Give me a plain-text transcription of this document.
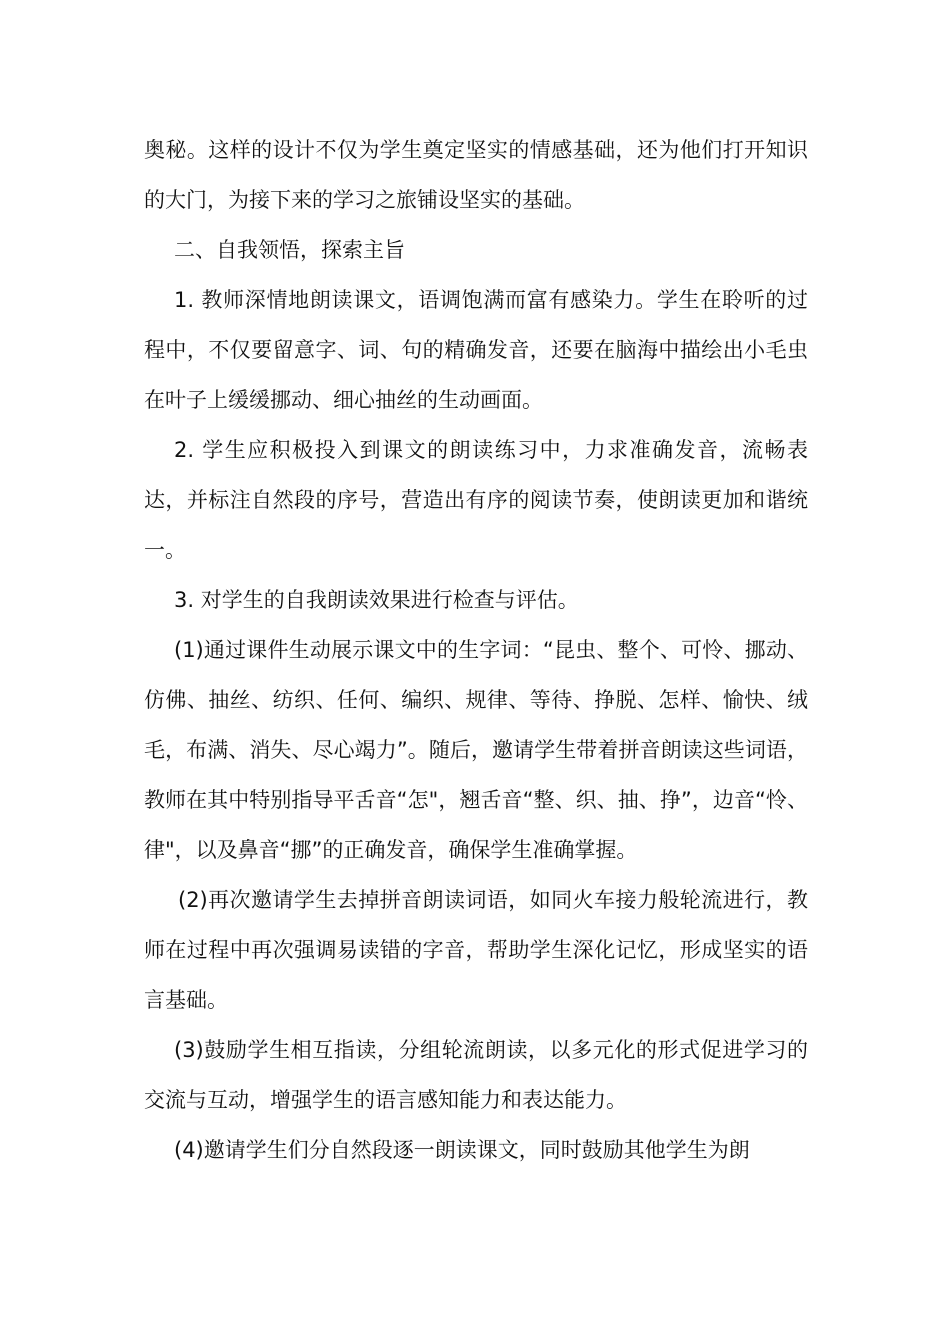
奥秘。这样的设计不仅为学生奠定坚实的情感基础，还为他们打开知识的大门，为接下来的学习之旅铺设坚实的基础。

二、自我领悟，探索主旨

1. 教师深情地朗读课文，语调饱满而富有感染力。学生在聆听的过程中，不仅要留意字、词、句的精确发音，还要在脑海中描绘出小毛虫在叶子上缓缓挪动、细心抽丝的生动画面。

2. 学生应积极投入到课文的朗读练习中，力求准确发音，流畅表达，并标注自然段的序号，营造出有序的阅读节奏，使朗读更加和谐统一。

3. 对学生的自我朗读效果进行检查与评估。

(1)通过课件生动展示课文中的生字词：“昆虫、整个、可怜、挪动、仿佛、抽丝、纺织、任何、编织、规律、等待、挣脱、怎样、愉快、绒毛，布满、消失、尽心竭力”。随后，邀请学生带着拼音朗读这些词语，教师在其中特别指导平舌音“怎"，翘舌音“整、织、抽、挣”，边音“怜、律"，以及鼻音“挪”的正确发音，确保学生准确掌握。

(2)再次邀请学生去掉拼音朗读词语，如同火车接力般轮流进行，教师在过程中再次强调易读错的字音，帮助学生深化记忆，形成坚实的语言基础。

(3)鼓励学生相互指读，分组轮流朗读，以多元化的形式促进学习的交流与互动，增强学生的语言感知能力和表达能力。

(4)邀请学生们分自然段逐一朗读课文，同时鼓励其他学生为朗
